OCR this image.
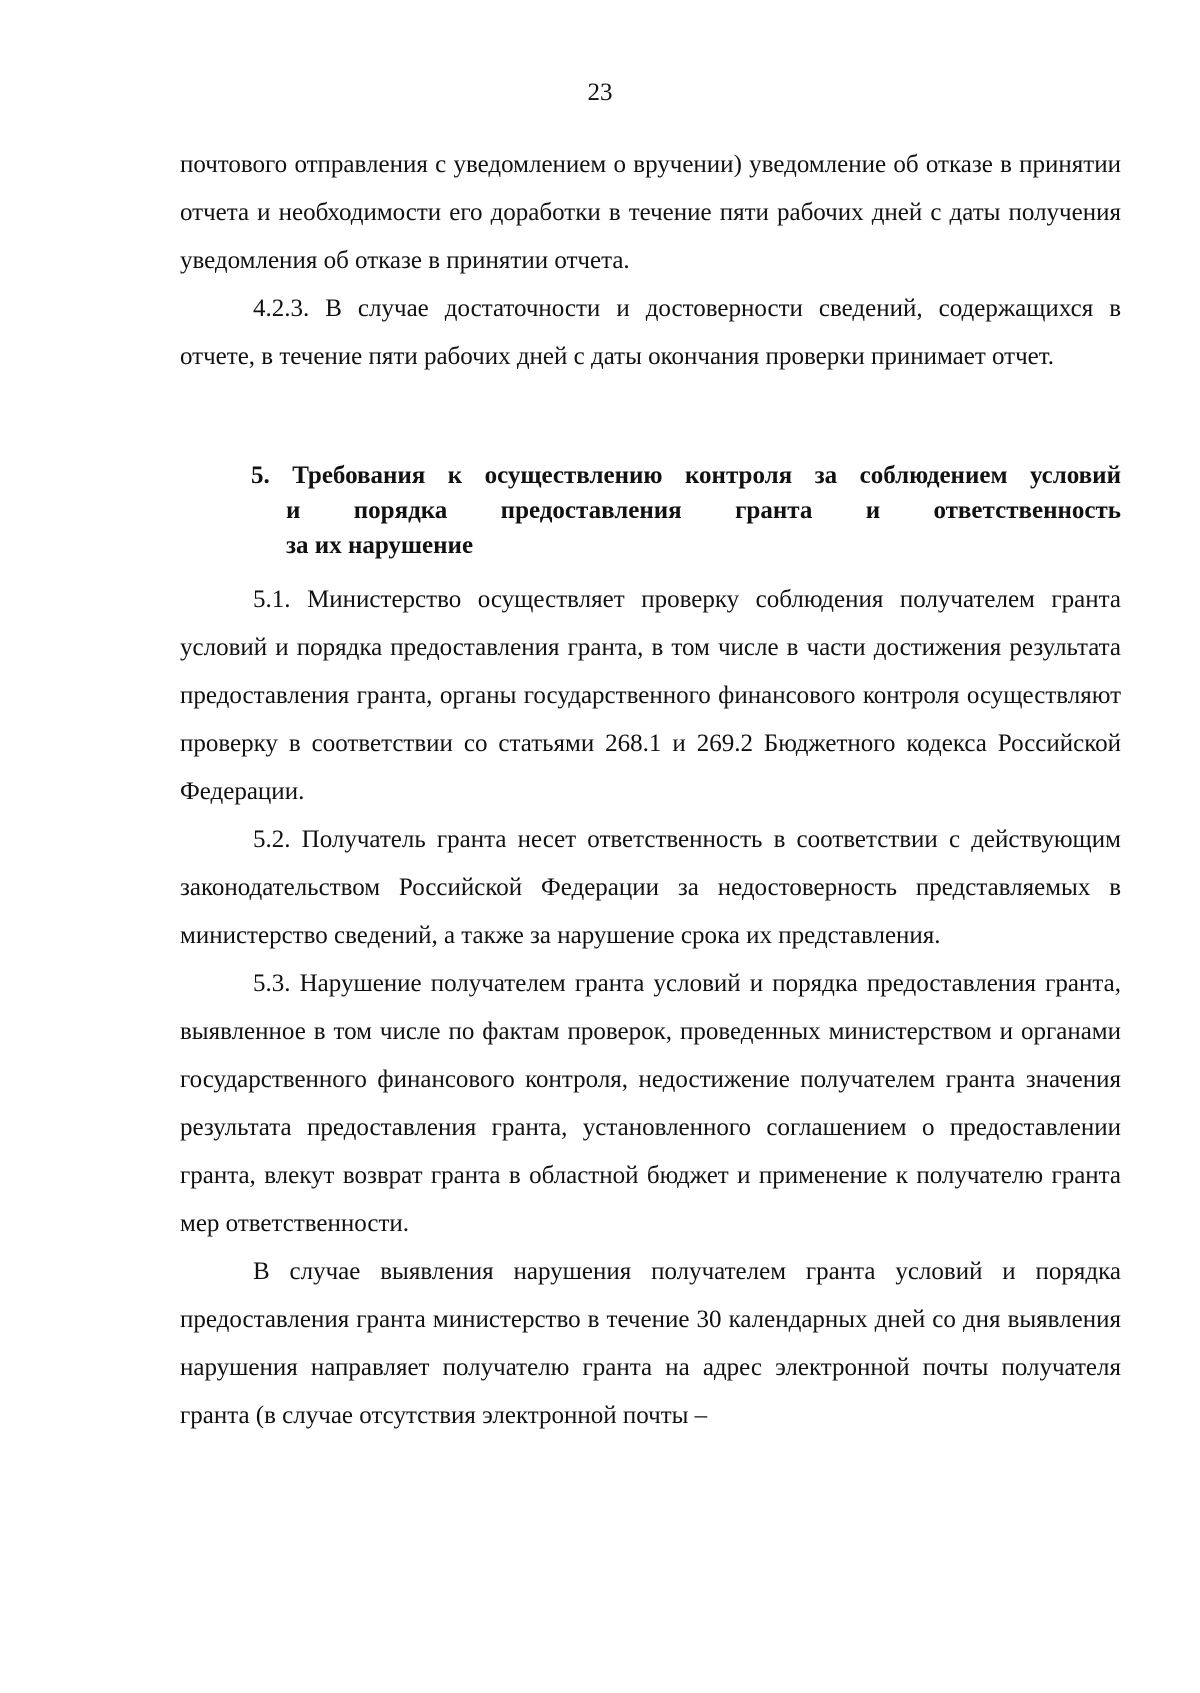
23

почтового отправления с уведомлением о вручении) уведомление об отказе в принятии отчета и необходимости его доработки в течение пяти рабочих дней с даты получения уведомления об отказе в принятии отчета.

4.2.3. В случае достаточности и достоверности сведений, содержащихся в отчете, в течение пяти рабочих дней с даты окончания проверки принимает отчет.

5. Требования к осуществлению контроля за соблюдением условий
и порядка предоставления гранта и ответственность
за их нарушение

5.1. Министерство осуществляет проверку соблюдения получателем гранта условий и порядка предоставления гранта, в том числе в части достижения результата предоставления гранта, органы государственного финансового контроля осуществляют проверку в соответствии со статьями 268.1 и 269.2 Бюджетного кодекса Российской Федерации.

5.2. Получатель гранта несет ответственность в соответствии с действующим законодательством Российской Федерации за недостоверность представляемых в министерство сведений, а также за нарушение срока их представления.

5.3. Нарушение получателем гранта условий и порядка предоставления гранта, выявленное в том числе по фактам проверок, проведенных министерством и органами государственного финансового контроля, недостижение получателем гранта значения результата предоставления гранта, установленного соглашением о предоставлении гранта, влекут возврат гранта в областной бюджет и применение к получателю гранта мер ответственности.

В случае выявления нарушения получателем гранта условий и порядка предоставления гранта министерство в течение 30 календарных дней со дня выявления нарушения направляет получателю гранта на адрес электронной почты получателя гранта (в случае отсутствия электронной почты –
